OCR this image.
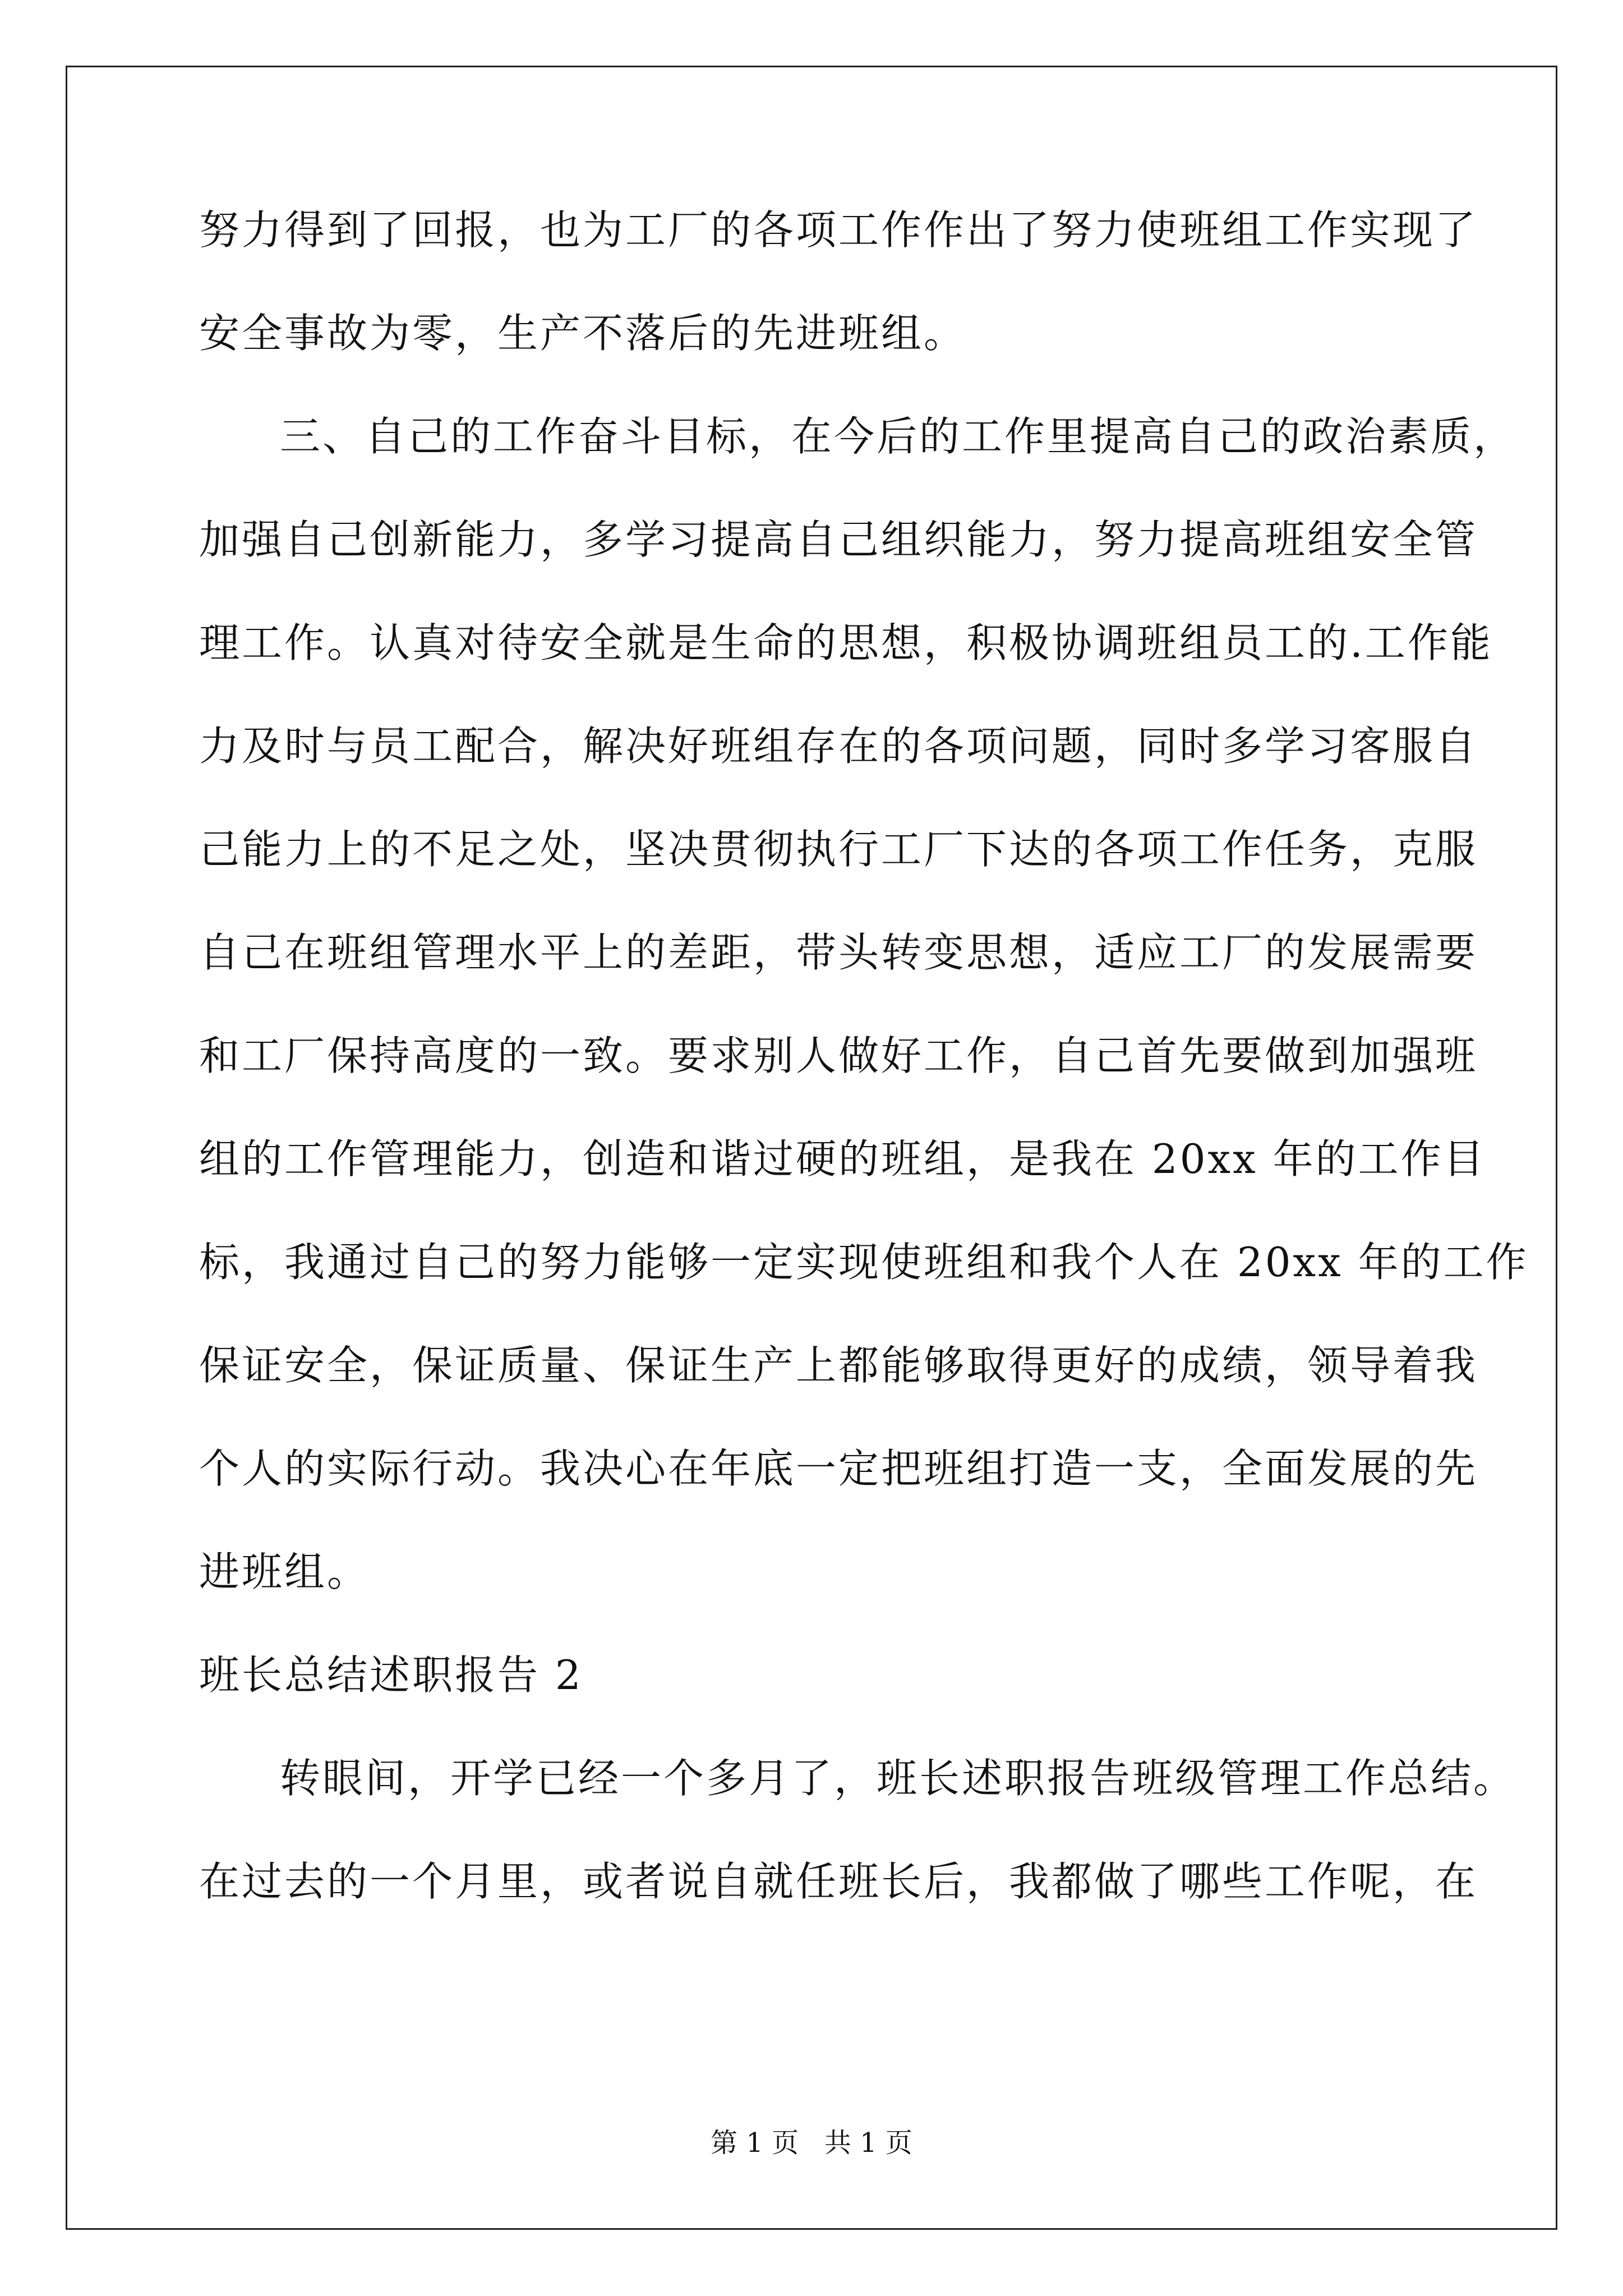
努力得到了回报，也为工厂的各项工作作出了努力使班组工作实现了
安全事故为零，生产不落后的先进班组。
三、自己的工作奋斗目标，在今后的工作里提高自己的政治素质，
加强自己创新能力，多学习提高自己组织能力，努力提高班组安全管
理工作。认真对待安全就是生命的思想，积极协调班组员工的.工作能
力及时与员工配合，解决好班组存在的各项问题，同时多学习客服自
己能力上的不足之处，坚决贯彻执行工厂下达的各项工作任务，克服
自己在班组管理水平上的差距，带头转变思想，适应工厂的发展需要
和工厂保持高度的一致。要求别人做好工作，自己首先要做到加强班
组的工作管理能力，创造和谐过硬的班组，是我在 20xx 年的工作目
标，我通过自己的努力能够一定实现使班组和我个人在 20xx 年的工作
保证安全，保证质量、保证生产上都能够取得更好的成绩，领导着我
个人的实际行动。我决心在年底一定把班组打造一支，全面发展的先
进班组。
班长总结述职报告 2
转眼间，开学已经一个多月了，班长述职报告班级管理工作总结。
在过去的一个月里，或者说自就任班长后，我都做了哪些工作呢，在
第 1 页   共 1 页
